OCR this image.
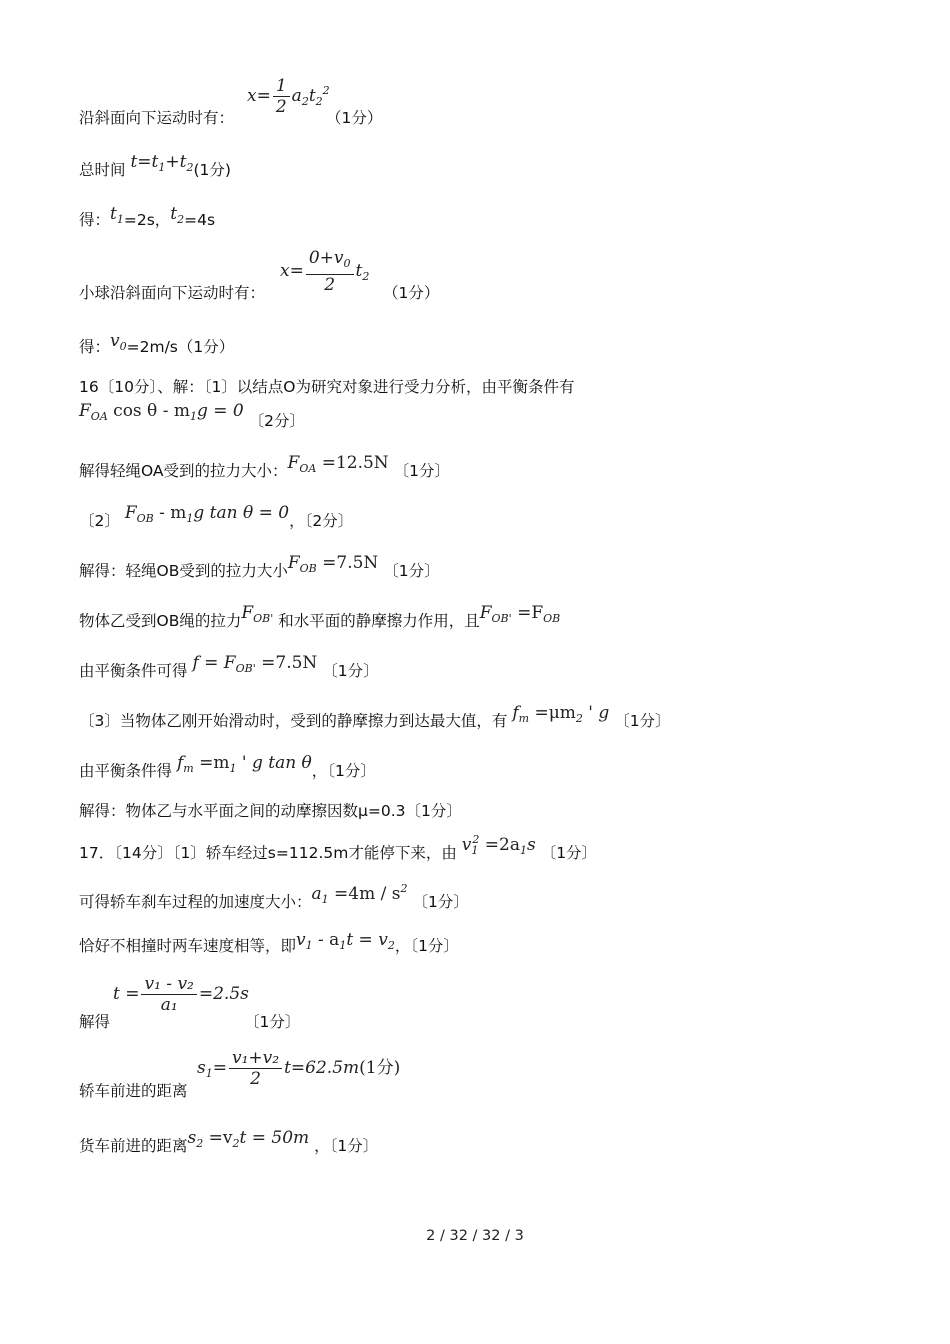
$x= \frac{1}{2} a_2t_2^2$
沿斜面向下运动时有：	（1分）
总时间 $t=t_1+t_2(1$分)
得：$t_1=2s$，$t_2=4s$
$x= \frac{0+v_0}{2} t_2$
小球沿斜面向下运动时有：	（1分）
得：$v_0=2m/s(1$分）
16〔10分〕、解：〔1〕以结点O为研究对象进行受力分析，由平衡条件有
$F_{OA}$ $\cos \theta - m_1g = 0$ 〔2分〕
解得轻绳OA受到的拉力大小：$F_{OA} =12.5N$ 〔1分〕
〔2〕 $F_{OB} - m_1g$ tan θ = 0，〔2分〕
解得：轻绳OB受到的拉力大小$F_{OB} =7.5N$ 〔1分〕
物体乙受到OB绳的拉力$F_{OB'}$ 和水平面的静摩擦力作用，且$F_{OB'} =F_{OB}$
由平衡条件可得 $f = F_{OB'} =7.5N$ 〔1分〕
〔3〕当物体乙刚开始滑动时，受到的静摩擦力到达最大值，有 $f_m =\mu m_2$ ' g 〔1分〕
由平衡条件得 $f_m =m_1$ ' g tan θ，〔1分〕
解得：物体乙与水平面之间的动摩擦因数μ=0.3〔1分〕
17．〔14分〕〔1〕轿车经过s=112.5m才能停下来，由 $v_1^2 =2a_1s$ 〔1分〕
可得轿车刹车过程的加速度大小：$a_1 =4m / s^2$ 〔1分〕
恰好不相撞时两车速度相等，即$v_1 - a_1t = v_2$，〔1分〕
$t = \frac{\text{v₁ - v₂}}{\text{a₁}} =2.5s$
解得	〔1分〕
$s_1= \frac{\text{v₁+v₂}}{2} t=62.5m(1$分)
轿车前进的距离
货车前进的距离$s_2 =v_2t = 50m$ ，〔1分〕
2 / 32 / 32 / 3
